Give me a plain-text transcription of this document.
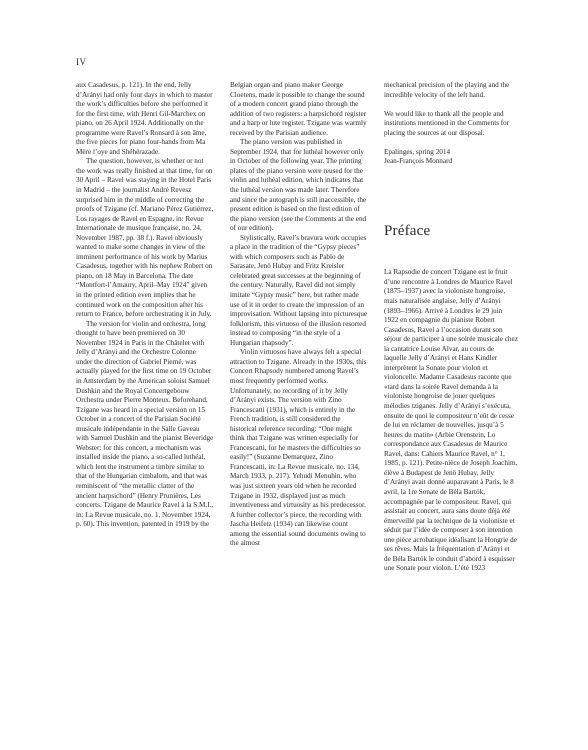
IV

aux Casadesus, p. 121). In the end, Jelly d’Arányi had only four days in which to master the work’s difficulties before she performed it for the first time, with Henri Gil-Marchex on piano, on 26 April 1924. Additionally on the programme were Ravel’s Ronsard à son âme, the five pieces for piano four-hands from Ma Mère l’oye and Shéhérazade.

The question, however, is whether or not the work was really finished at that time, for on 30 April – Ravel was staying in the Hotel Paris in Madrid – the journalist André Revesz surprised him in the middle of correcting the proofs of Tzigane (cf. Mariano Pérez Gutiérrez, Los rayages de Ravel en Espagne, in: Revue Internationale de musique française, no. 24, November 1987, pp. 38 f.). Ravel obviously wanted to make some changes in view of the imminent performance of his work by Marius Casadesus, together with his nephew Robert on piano, on 18 May in Barcelona. The date “Montfort-l’Amaury, April–May 1924” given in the printed edition even implies that he continued work on the composition after his return to France, before orchestrating it in July.

The version for violin and orchestra, long thought to have been premiered on 30 November 1924 in Paris in the Châtelet with Jelly d’Arányi and the Orchestre Colonne under the direction of Gabriel Pierné, was actually played for the first time on 19 October in Amsterdam by the American soloist Samuel Dushkin and the Royal Concertgebouw Orchestra under Pierre Monteux. Beforehand, Tzigane was heard in a special version on 15 October in a concert of the Parisian Société musicale indépendante in the Salle Gaveau with Samuel Dushkin and the pianist Beveridge Webster: for this concert, a mechanism was installed inside the piano, a so-called luthéal, which lent the instrument a timbre similar to that of the Hungarian cimbalom, and that was reminiscent of “the metallic clatter of the ancient harpsichord” (Henry Prunières, Les concerts. Tzigane de Maurice Ravel à la S.M.I., in: La Revue musicale, no. 1, November 1924, p. 60). This invention, patented in 1919 by the

Belgian organ and piano maker George Cloetens, made it possible to change the sound of a modern concert grand piano through the addition of two registers: a harpsichord register and a harp or lute register. Tzigane was warmly received by the Parisian audience.

The piano version was published in September 1924, that for luthéal however only in October of the following year. The printing plates of the piano version were reused for the violin and luthéal edition, which indicates that the luthéal version was made later. Therefore and since the autograph is still inaccessible, the present edition is based on the first edition of the piano version (see the Comments at the end of our edition).

Stylistically, Ravel’s bravura work occupies a place in the tradition of the “Gypsy pieces” with which composers such as Pablo de Sarasate, Jenö Hubay and Fritz Kreisler celebrated great successes at the beginning of the century. Naturally, Ravel did not simply imitate “Gypsy music” here, but rather made use of it in order to create the impression of an improvisation. Without lapsing into picturesque folklorism, this virtuoso of the illusion resorted instead to composing “in the style of a Hungarian rhapsody”.

Violin virtuosos have always felt a special attraction to Tzigane. Already in the 1930s, this Concert Rhapsody numbered among Ravel’s most frequently performed works. Unfortunately, no recording of it by Jelly d’Arányi exists. The version with Zino Francescatti (1931), which is entirely in the French tradition, is still considered the historical reference recording: “One might think that Tzigane was written especially for Francescatti, for he masters the difficulties so easily!” (Suzanne Demarquez, Zino Francescatti, in: La Revue musicale, no. 134, March 1933, p. 217). Yehudi Menuhin, who was just sixteen years old when he recorded Tzigane in 1932, displayed just as much inventiveness and virtuosity as his predecessor. A further collector’s piece, the recording with Jascha Heifetz (1934) can likewise count among the essential sound documents owing to the almost

mechanical precision of the playing and the incredible velocity of the left hand.

We would like to thank all the people and institutions mentioned in the Comments for placing the sources at our disposal.

Epalinges, spring 2014

Jean-François Monnard

Préface

La Rapsodie de concert Tzigane est le fruit d’une rencontre à Londres de Maurice Ravel (1875–1937) avec la violoniste hongroise, mais naturalisée anglaise, Jelly d’Arányi (1893–1966). Arrivé à Londres le 29 juin 1922 en compagnie du pianiste Robert Casadesus, Ravel a l’occasion durant son séjour de participer à une soirée musicale chez la cantatrice Louise Alvar, au cours de laquelle Jelly d’Arányi et Hans Kindler interprètent la Sonate pour violon et violoncelle. Madame Casadesus raconte que «tard dans la soirée Ravel demanda à la violoniste hongroise de jouer quelques mélodies tziganes. Jelly d’Arányi s’exécuta, ensuite de quoi le compositeur n’eût de cesse de lui en réclamer de nouvelles, jusqu’à 5 heures du matin» (Arbie Orenstein, Lo correspondance aux Casadesus de Maurice Ravel, dans: Cahiers Maurice Ravel, n° 1, 1985, p. 121). Petite-nièce de Joseph Joachim, élève à Budapest de Jenö Hubay, Jelly d’Arányi avait donné auparavant à Paris, le 8 avril, la 1re Sonate de Béla Bartók, accompagnée par le compositeur. Ravel, qui assistait au concert, aura sans doute déjà été émerveillé par la technique de la violoniste et séduit par l’idée de composer à son intention une pièce acrobatique idéalisant la Hongrie de ses rêves. Mais la fréquentation d’Arányi et de Béla Bartók le conduit d’abord à esquisser une Sonate pour violon. L’été 1923
